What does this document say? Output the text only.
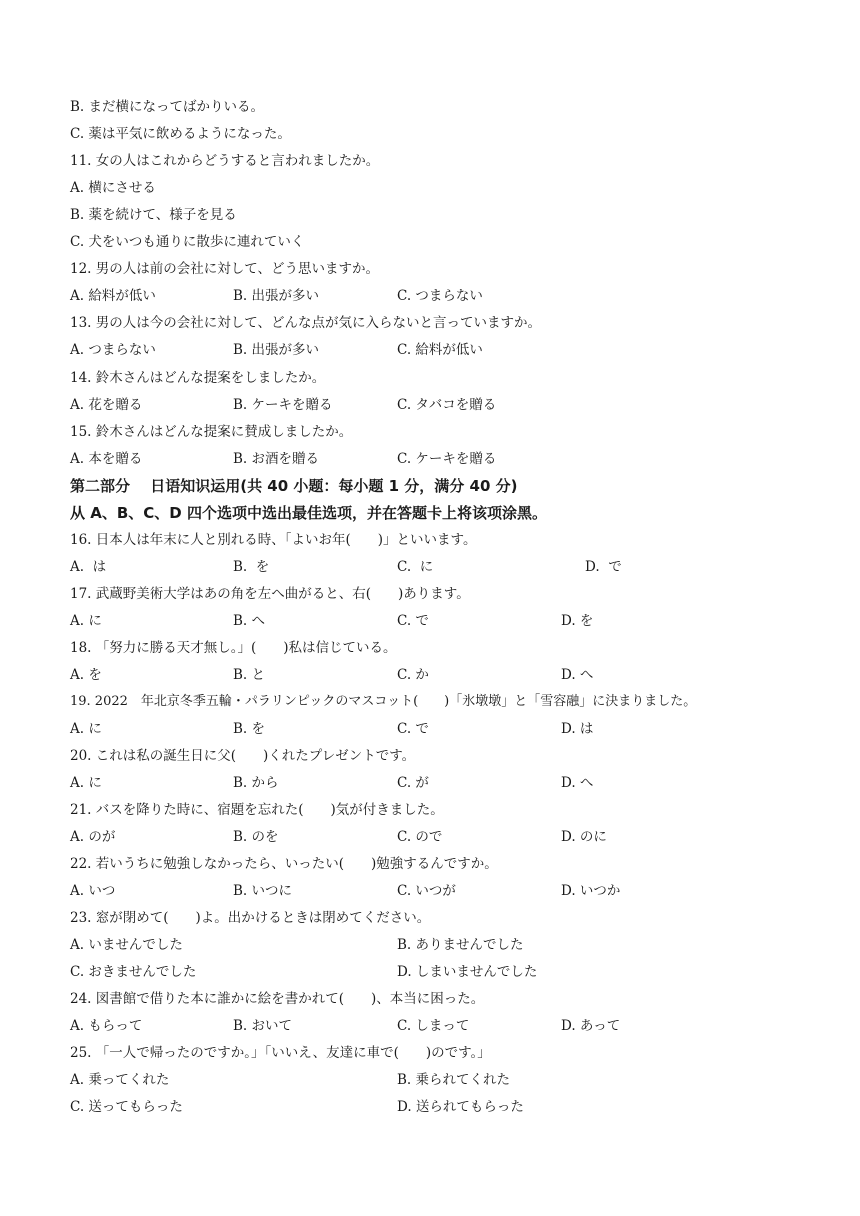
B. まだ横になってばかりいる。
C. 薬は平気に飲めるようになった。
11. 女の人はこれからどうすると言われましたか。
A. 横にさせる
B. 薬を続けて、様子を見る
C. 犬をいつも通りに散歩に連れていく
12. 男の人は前の会社に対して、どう思いますか。
A. 給料が低い	B. 出張が多い	C. つまらない
13. 男の人は今の会社に対して、どんな点が気に入らないと言っていますか。
A. つまらない	B. 出張が多い	C. 給料が低い
14. 鈴木さんはどんな提案をしましたか。
A. 花を贈る	B. ケーキを贈る	C. タバコを贈る
15. 鈴木さんはどんな提案に賛成しましたか。
A. 本を贈る	B. お酒を贈る	C. ケーキを贈る
第二部分　 日语知识运用(共 40 小题：每小题 1 分，满分 40 分)
从 A、B、C、D 四个选项中选出最佳选项，并在答题卡上将该项涂黑。
16. 日本人は年末に人と別れる時、「よいお年(　　)」といいます。
A.  は	B.  を	C.  に	D.  で
17. 武蔵野美術大学はあの角を左へ曲がると、右(　　)あります。
A. に	B. へ	C. で	D. を
18. 「努力に勝る天才無し。」(　　)私は信じている。
A. を	B. と	C. か	D. へ
19. 2022　年北京冬季五輪・パラリンピックのマスコット(　　)「氷墩墩」と「雪容融」に決まりました。
A. に	B. を	C. で	D. は
20. これは私の誕生日に父(　　)くれたプレゼントです。
A. に	B. から	C. が	D. へ
21. バスを降りた時に、宿題を忘れた(　　)気が付きました。
A. のが	B. のを	C. ので	D. のに
22. 若いうちに勉強しなかったら、いったい(　　)勉強するんですか。
A. いつ	B. いつに	C. いつが	D. いつか
23. 窓が閉めて(　　)よ。出かけるときは閉めてください。
A. いませんでした	B. ありませんでした
C. おきませんでした	D. しまいませんでした
24. 図書館で借りた本に誰かに絵を書かれて(　　)、本当に困った。
A. もらって	B. おいて	C. しまって	D. あって
25. 「一人で帰ったのですか。」「いいえ、友達に車で(　　)のです。」
A. 乗ってくれた	B. 乗られてくれた
C. 送ってもらった	D. 送られてもらった
